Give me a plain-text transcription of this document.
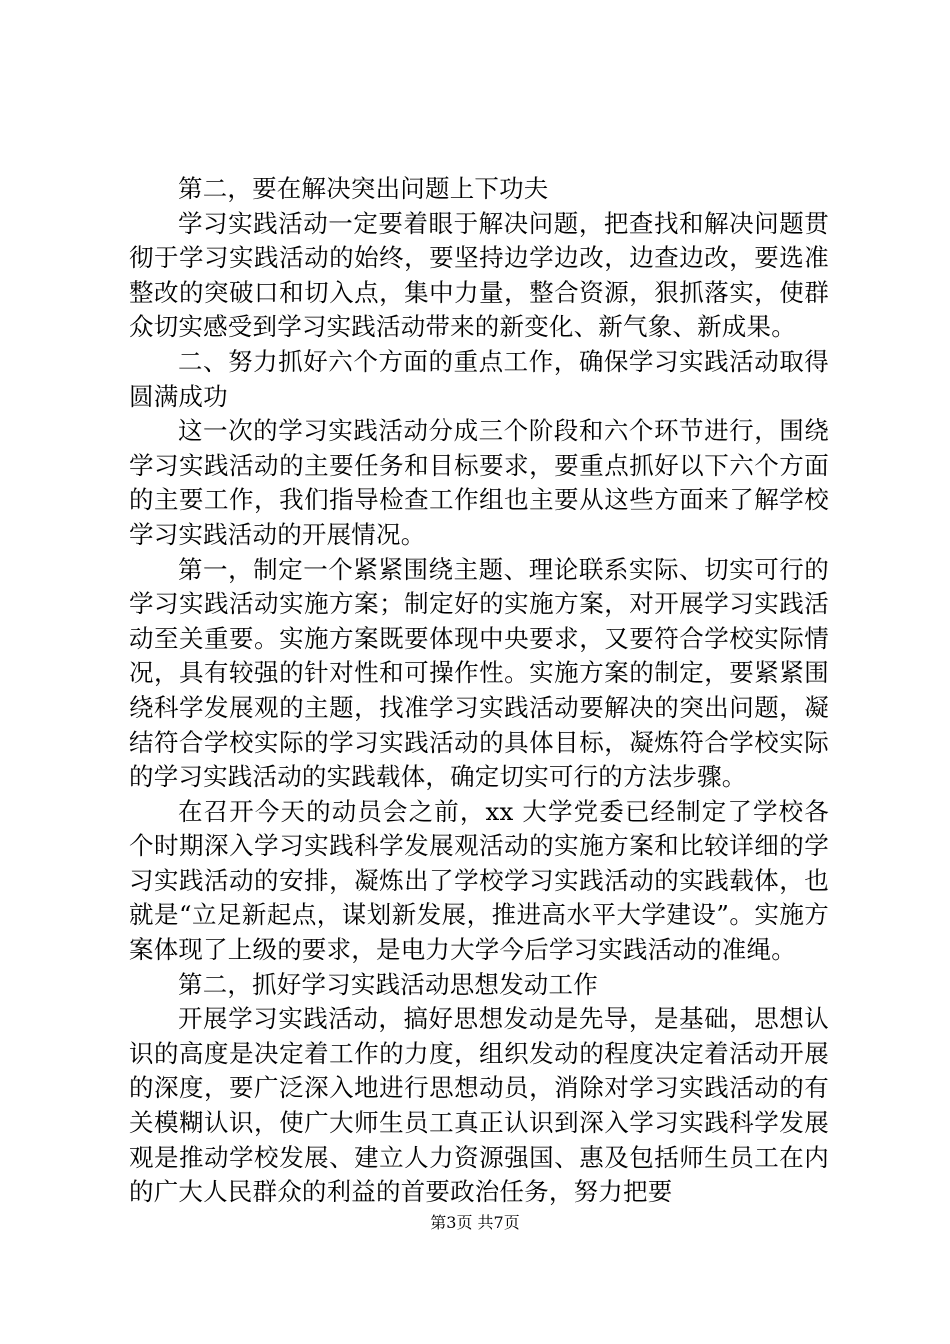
第二，要在解决突出问题上下功夫

学习实践活动一定要着眼于解决问题，把查找和解决问题贯彻于学习实践活动的始终，要坚持边学边改，边查边改，要选准整改的突破口和切入点，集中力量，整合资源，狠抓落实，使群众切实感受到学习实践活动带来的新变化、新气象、新成果。

二、努力抓好六个方面的重点工作，确保学习实践活动取得圆满成功

这一次的学习实践活动分成三个阶段和六个环节进行，围绕学习实践活动的主要任务和目标要求，要重点抓好以下六个方面的主要工作，我们指导检查工作组也主要从这些方面来了解学校学习实践活动的开展情况。

第一，制定一个紧紧围绕主题、理论联系实际、切实可行的学习实践活动实施方案；制定好的实施方案，对开展学习实践活动至关重要。实施方案既要体现中央要求，又要符合学校实际情况，具有较强的针对性和可操作性。实施方案的制定，要紧紧围绕科学发展观的主题，找准学习实践活动要解决的突出问题，凝结符合学校实际的学习实践活动的具体目标，凝炼符合学校实际的学习实践活动的实践载体，确定切实可行的方法步骤。

在召开今天的动员会之前，xx 大学党委已经制定了学校各个时期深入学习实践科学发展观活动的实施方案和比较详细的学习实践活动的安排，凝炼出了学校学习实践活动的实践载体，也就是“立足新起点，谋划新发展，推进高水平大学建设”。实施方案体现了上级的要求，是电力大学今后学习实践活动的准绳。

第二，抓好学习实践活动思想发动工作

开展学习实践活动，搞好思想发动是先导，是基础，思想认识的高度是决定着工作的力度，组织发动的程度决定着活动开展的深度，要广泛深入地进行思想动员，消除对学习实践活动的有关模糊认识，使广大师生员工真正认识到深入学习实践科学发展观是推动学校发展、建立人力资源强国、惠及包括师生员工在内的广大人民群众的利益的首要政治任务，努力把要

第3页 共7页
